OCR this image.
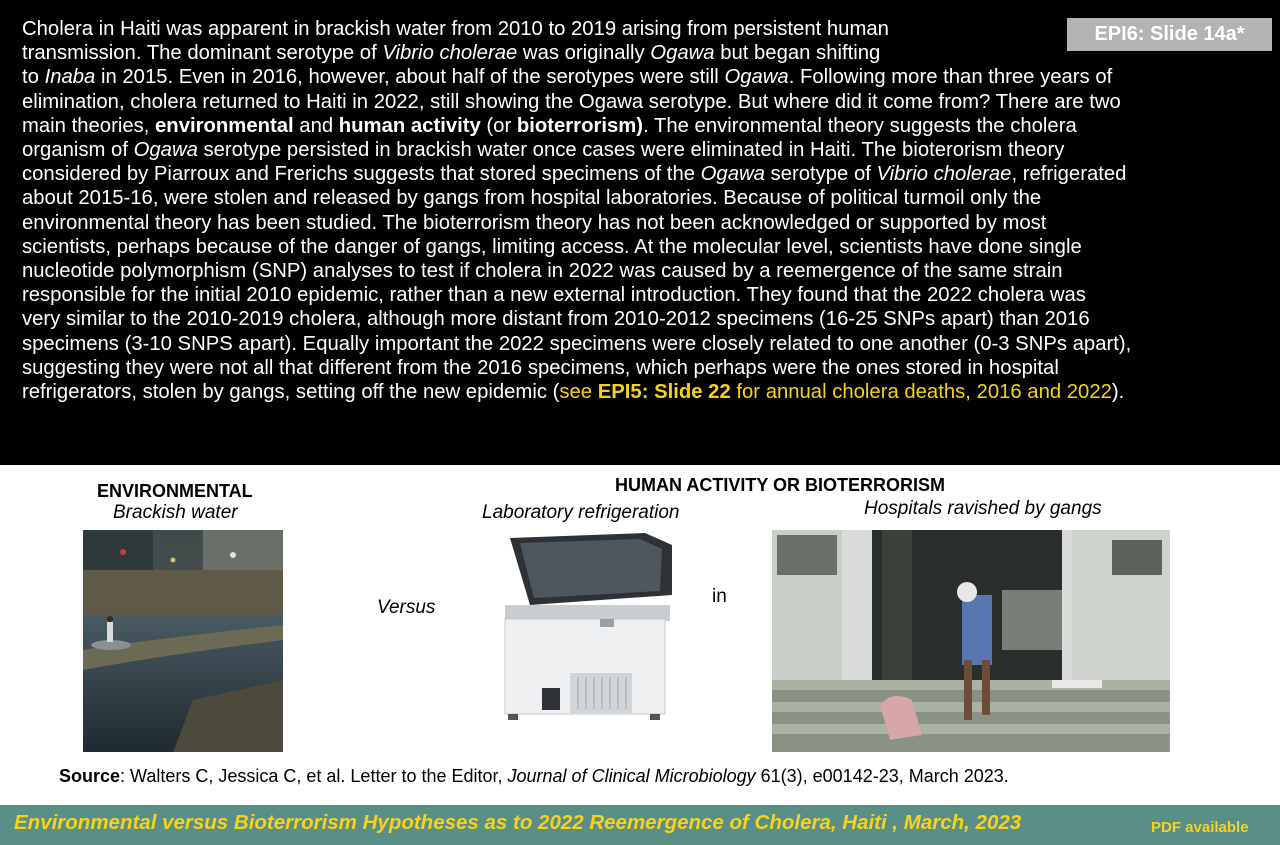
Cholera in Haiti was apparent in brackish water from 2010 to 2019 arising from persistent human
transmission. The dominant serotype of Vibrio cholerae was originally Ogawa but began shifting
to Inaba in 2015. Even in 2016, however, about half of the serotypes were still Ogawa. Following more than three years of
elimination, cholera returned to Haiti in 2022, still showing the Ogawa serotype. But where did it come from? There are two
main theories, environmental and human activity (or bioterrorism). The environmental theory suggests the cholera
organism of Ogawa serotype persisted in brackish water once cases were eliminated in Haiti. The bioterorism theory
considered by Piarroux and Frerichs suggests that stored specimens of the Ogawa serotype of Vibrio cholerae, refrigerated
about 2015-16, were stolen and released by gangs from hospital laboratories. Because of political turmoil only the
environmental theory has been studied. The bioterrorism theory has not been acknowledged or supported by most
scientists, perhaps because of the danger of gangs, limiting access. At the molecular level, scientists have done single
nucleotide polymorphism (SNP) analyses to test if cholera in 2022 was caused by a reemergence of the same strain
responsible for the initial 2010 epidemic, rather than a new external introduction. They found that the 2022 cholera was
very similar to the 2010-2019 cholera, although more distant from 2010-2012 specimens (16-25 SNPs apart) than 2016
specimens (3-10 SNPS apart). Equally important the 2022 specimens were closely related to one another (0-3 SNPs apart),
suggesting they were not all that different from the 2016 specimens, which perhaps were the ones stored in hospital
refrigerators, stolen by gangs, setting off the new epidemic (see EPI5: Slide 22 for annual cholera deaths, 2016 and 2022).
EPI6: Slide 14a*
ENVIRONMENTAL
Brackish water
HUMAN ACTIVITY OR BIOTERRORISM
Laboratory refrigeration	Hospitals ravished by gangs
Versus
in
Source: Walters C, Jessica C, et al. Letter to the Editor, Journal of Clinical Microbiology 61(3), e00142-23, March 2023.
Environmental versus Bioterrorism Hypotheses as to 2022 Reemergence of Cholera, Haiti , March, 2023	PDF available
